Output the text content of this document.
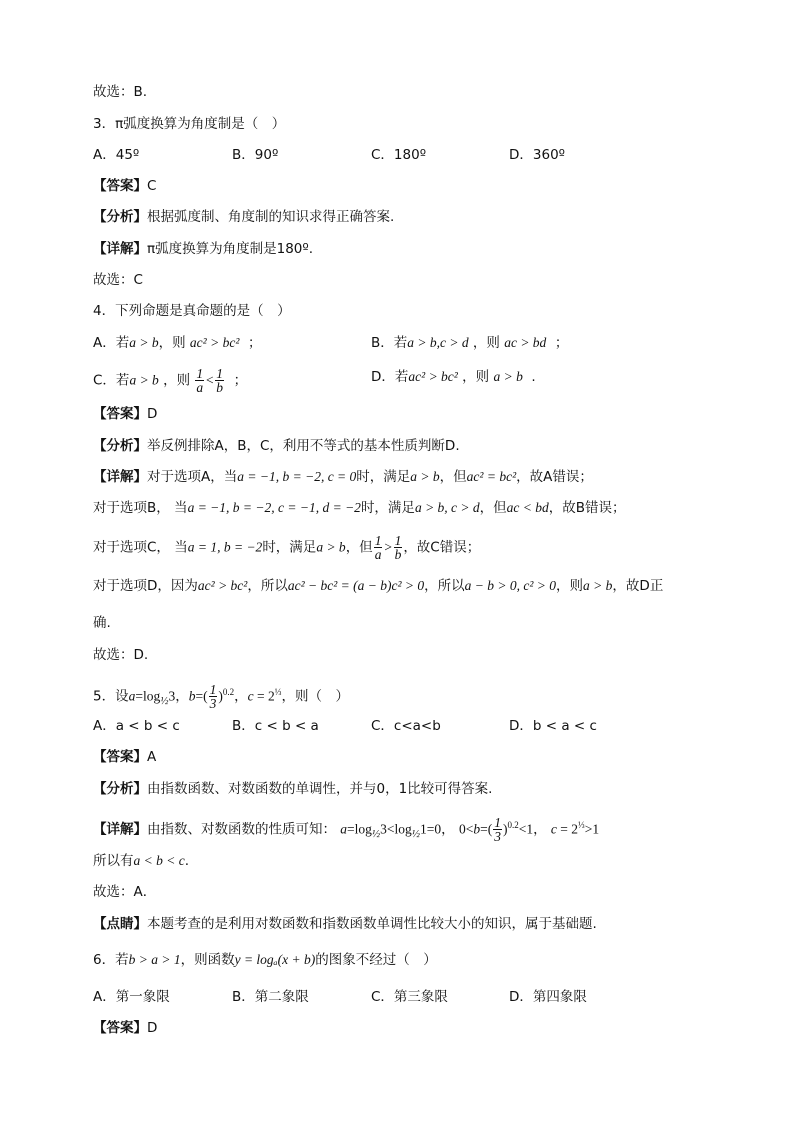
故选：B.
3．π弧度换算为角度制是（　）
A．45º	B．90º	C．180º	D．360º
【答案】C
【分析】根据弧度制、角度制的知识求得正确答案.
【详解】π弧度换算为角度制是180º.
故选：C
4．下列命题是真命题的是（　）
A．若a > b，则 ac² > bc² ；	B．若a > b,c > d ，则 ac > bd ；
C．若a > b ，则 $\frac{1}{a} < \frac{1}{b}$ ；	D．若ac² > bc² ，则 a > b .
【答案】D
【分析】举反例排除A，B，C，利用不等式的基本性质判断D.
【详解】对于选项A，当a = −1, b = −2, c = 0时，满足a > b，但ac² = bc²，故A错误；
对于选项B， 当a = −1, b = −2, c = −1, d = −2时，满足a > b, c > d，但ac < bd，故B错误；
对于选项C， 当a = 1, b = −2时，满足a > b，但 $\frac{1}{a} > \frac{1}{b}$ ，故C错误；
对于选项D，因为ac² > bc²，所以ac² − bc² = (a − b)c² > 0，所以a − b > 0, c² > 0，则a > b，故D正
确.
故选：D.
5．设$a=\log_{\frac{1}{2}}3$，$b=( \frac{1}{3} )^{0.2}$，$c = 2^{\frac{1}{3}}$，则（　）
A．a < b < c	B．c < b < a	C．c<a<b	D．b < a < c
【答案】A
【分析】由指数函数、对数函数的单调性，并与0，1比较可得答案.
【详解】由指数、对数函数的性质可知： $a=\log_{\frac{1}{2}}3<\log_{\frac{1}{2}}1=0$， $0<b=( \frac{1}{3} )^{0.2}<1$， $c = 2^{\frac{1}{3}}>1$
所以有a < b < c.
故选：A．
【点睛】本题考查的是利用对数函数和指数函数单调性比较大小的知识，属于基础题.
6．若b > a > 1，则函数y = logₐ(x + b)的图象不经过（　）
A．第一象限	B．第二象限	C．第三象限	D．第四象限
【答案】D
